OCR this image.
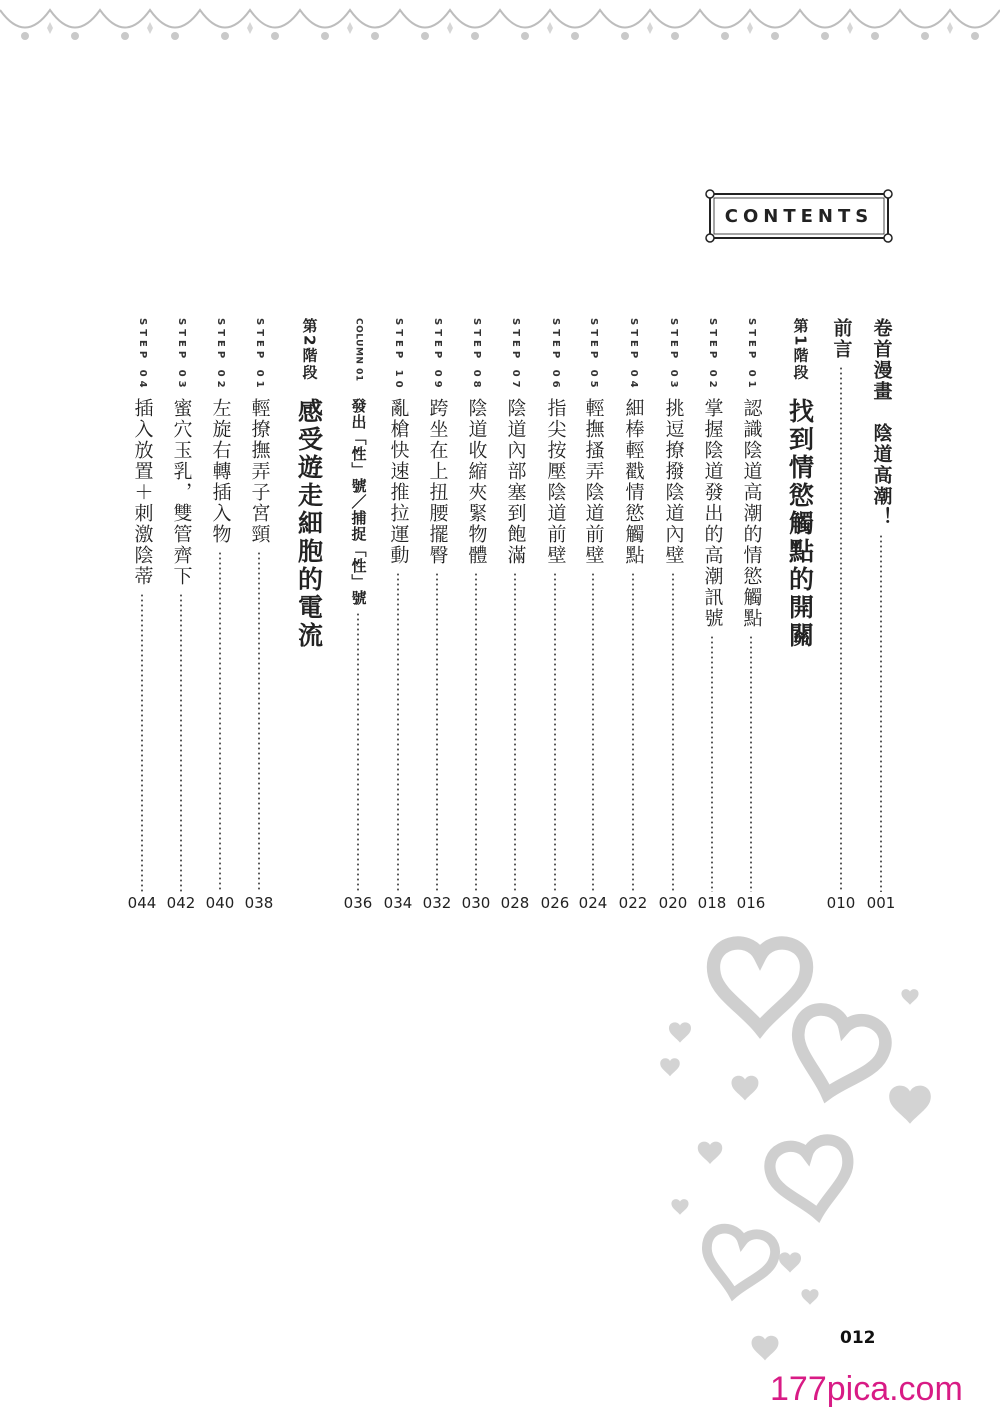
CONTENTS
卷首漫畫　陰道高潮！
001
前言
010
第1階段
找到情慾觸點的開關
STEP 01
認識陰道高潮的情慾觸點
016
STEP 02
掌握陰道發出的高潮訊號
018
STEP 03
挑逗撩撥陰道內壁
020
STEP 04
細棒輕戳情慾觸點
022
STEP 05
輕撫搔弄陰道前壁
024
STEP 06
指尖按壓陰道前壁
026
STEP 07
陰道內部塞到飽滿
028
STEP 08
陰道收縮夾緊物體
030
STEP 09
跨坐在上扭腰擺臀
032
STEP 10
亂槍快速推拉運動
034
COLUMN 01
發出「性」號／捕捉「性」號
036
第2階段
感受遊走細胞的電流
STEP 01
輕撩撫弄子宮頸
038
STEP 02
左旋右轉插入物
040
STEP 03
蜜穴玉乳，雙管齊下
042
STEP 04
插入放置＋刺激陰蒂
044
012
177pica.com
